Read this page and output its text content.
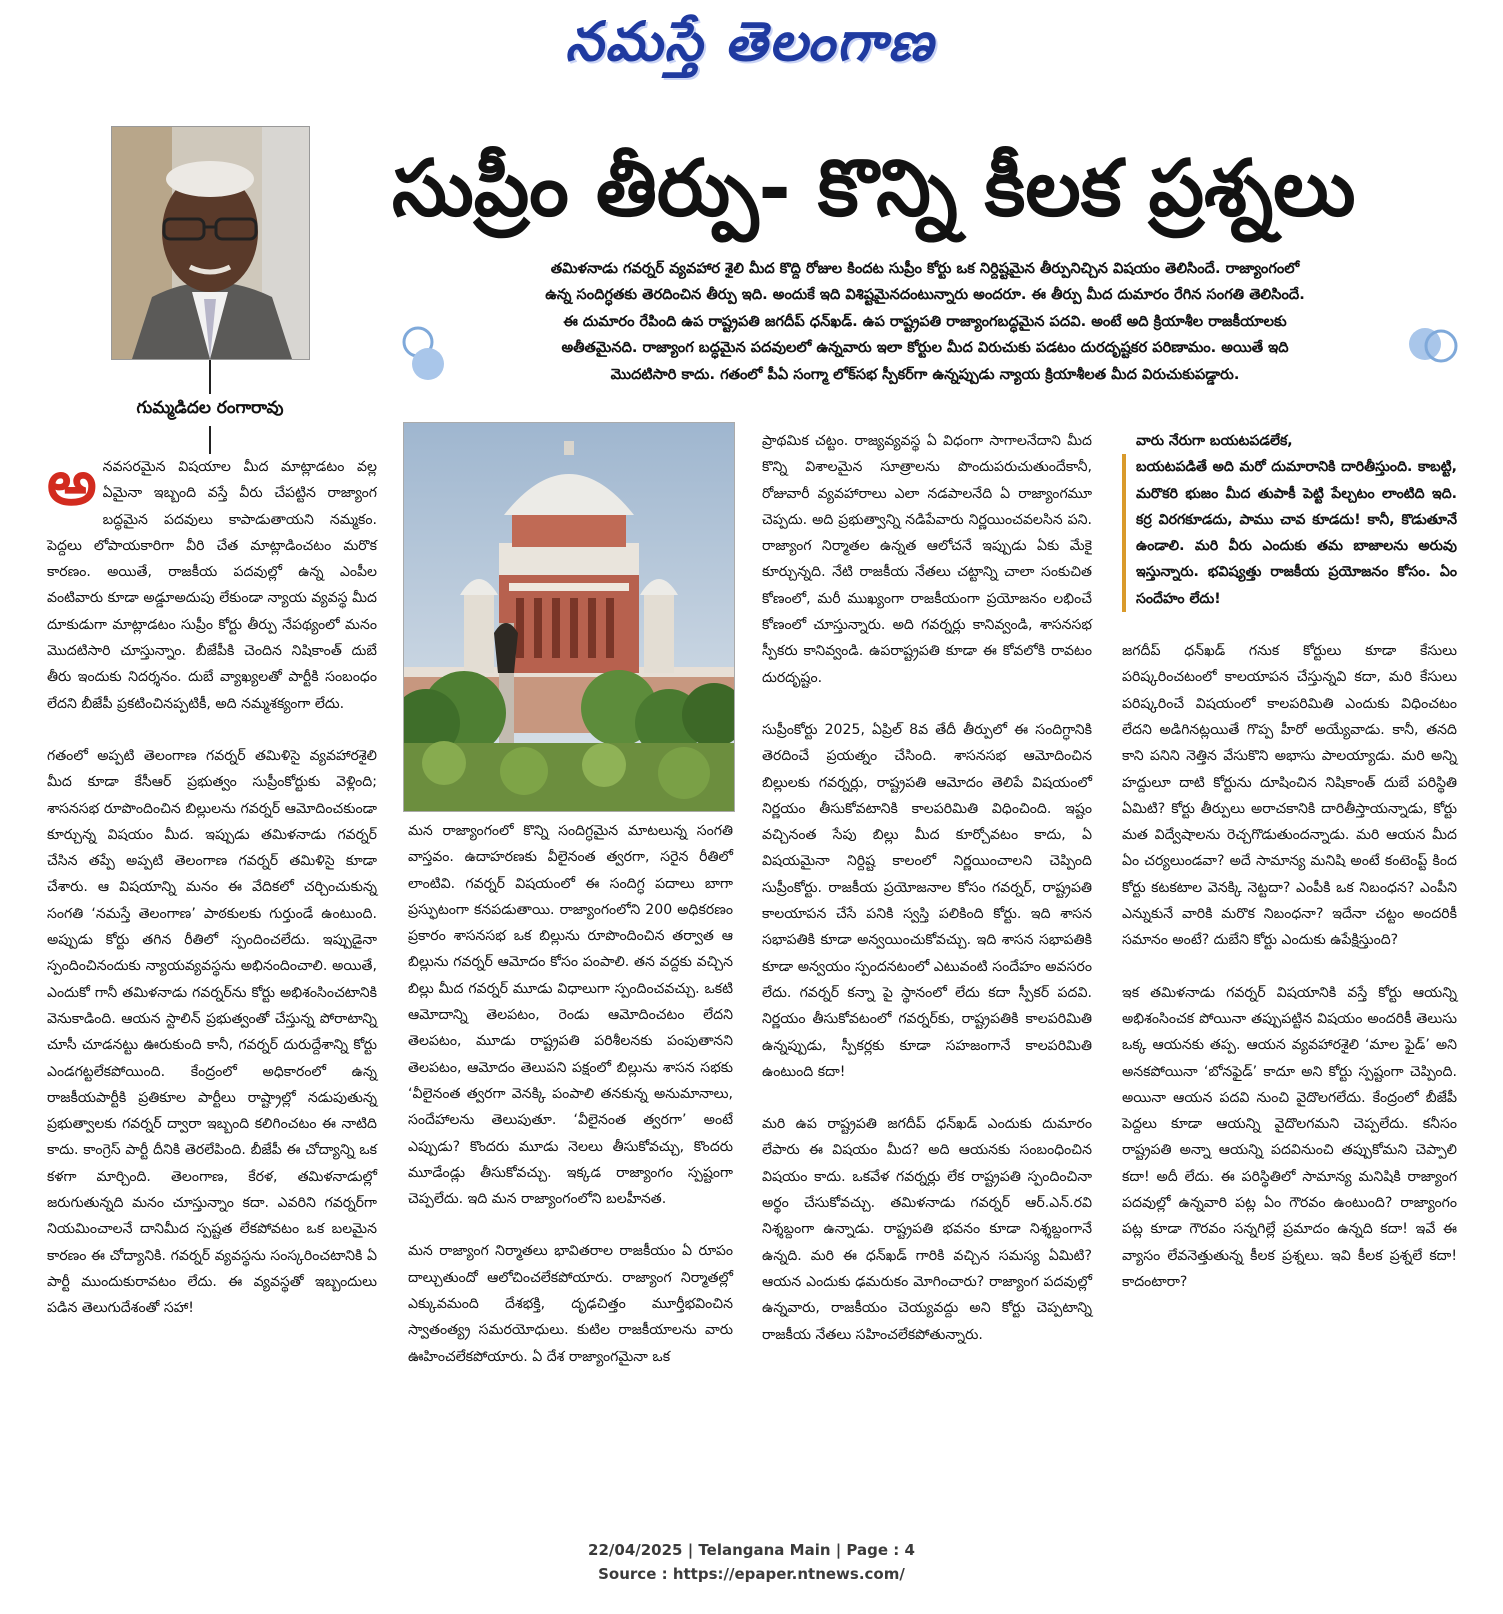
నమస్తే తెలంగాణ
గుమ్మడిదల రంగారావు
సుప్రీం తీర్పు- కొన్ని కీలక ప్రశ్నలు

తమిళనాడు గవర్నర్ వ్యవహార శైలి మీద కొద్ది రోజుల కిందట సుప్రీం కోర్టు ఒక నిర్దిష్టమైన తీర్పునిచ్చిన విషయం తెలిసిందే. రాజ్యాంగంలో

ఉన్న సందిగ్ధతకు తెరదించిన తీర్పు ఇది. అందుకే ఇది విశిష్టమైనదంటున్నారు అందరూ. ఈ తీర్పు మీద దుమారం రేగిన సంగతి తెలిసిందే.

ఈ దుమారం రేపింది ఉప రాష్ట్రపతి జగదీప్ ధన్‌ఖడ్. ఉప రాష్ట్రపతి రాజ్యాంగబద్ధమైన పదవి. అంటే అది క్రియాశీల రాజకీయాలకు

అతీతమైనది. రాజ్యాంగ బద్ధమైన పదవులలో ఉన్నవారు ఇలా కోర్టుల మీద విరుచుకు పడటం దురదృష్టకర పరిణామం. అయితే ఇది

మొదటిసారి కాదు. గతంలో పీఏ సంగ్మా లోక్‌సభ స్పీకర్‌గా ఉన్నప్పుడు న్యాయ క్రియాశీలత మీద విరుచుకుపడ్డారు.

అనవసరమైన విషయాల మీద మాట్లాడటం వల్ల ఏమైనా ఇబ్బంది వస్తే వీరు చేపట్టిన రాజ్యాంగ బద్ధమైన పదవులు కాపాడుతాయని నమ్మకం. పెద్దలు లోపాయకారిగా వీరి చేత మాట్లాడించటం మరొక కారణం. అయితే, రాజకీయ పదవుల్లో ఉన్న ఎంపీల వంటివారు కూడా అడ్డూఅదుపు లేకుండా న్యాయ వ్యవస్థ మీద దూకుడుగా మాట్లాడటం సుప్రీం కోర్టు తీర్పు నేపథ్యంలో మనం మొదటిసారి చూస్తున్నాం. బీజేపీకి చెందిన నిషికాంత్ దుబే తీరు ఇందుకు నిదర్శనం. దుబే వ్యాఖ్యలతో పార్టీకి సంబంధం లేదని బీజేపీ ప్రకటించినప్పటికీ, అది నమ్మశక్యంగా లేదు.

గతంలో అప్పటి తెలంగాణ గవర్నర్ తమిళిసై వ్యవహారశైలి మీద కూడా కేసీఆర్ ప్రభుత్వం సుప్రీంకోర్టుకు వెళ్లింది; శాసనసభ రూపొందించిన బిల్లులను గవర్నర్ ఆమోదించకుండా కూర్చున్న విషయం మీద. ఇప్పుడు తమిళనాడు గవర్నర్ చేసిన తప్పే అప్పటి తెలంగాణ గవర్నర్ తమిళిసై కూడా చేశారు. ఆ విషయాన్ని మనం ఈ వేదికలో చర్చించుకున్న సంగతి ‘నమస్తే తెలంగాణ’ పాఠకులకు గుర్తుండే ఉంటుంది. అప్పుడు కోర్టు తగిన రీతిలో స్పందించలేదు. ఇప్పుడైనా స్పందించినందుకు న్యాయవ్యవస్థను అభినందించాలి. అయితే, ఎందుకో గానీ తమిళనాడు గవర్నర్‌ను కోర్టు అభిశంసించటానికి వెనుకాడింది. ఆయన స్టాలిన్ ప్రభుత్వంతో చేస్తున్న పోరాటాన్ని చూసీ చూడనట్టు ఊరుకుంది కానీ, గవర్నర్ దురుద్దేశాన్ని కోర్టు ఎండగట్టలేకపోయింది. కేంద్రంలో అధికారంలో ఉన్న రాజకీయపార్టీకి ప్రతికూల పార్టీలు రాష్ట్రాల్లో నడుపుతున్న ప్రభుత్వాలకు గవర్నర్ ద్వారా ఇబ్బంది కలిగించటం ఈ నాటిది కాదు. కాంగ్రెస్ పార్టీ దీనికి తెరలేపింది. బీజేపీ ఈ చోద్యాన్ని ఒక కళగా మార్చింది. తెలంగాణ, కేరళ, తమిళనాడుల్లో జరుగుతున్నది మనం చూస్తున్నాం కదా. ఎవరిని గవర్నర్‌గా నియమించాలనే దానిమీద స్పష్టత లేకపోవటం ఒక బలమైన కారణం ఈ చోద్యానికి. గవర్నర్ వ్యవస్థను సంస్కరించటానికి ఏ పార్టీ ముందుకురావటం లేదు. ఈ వ్యవస్థతో ఇబ్బందులు పడిన తెలుగుదేశంతో సహా!

మన రాజ్యాంగంలో కొన్ని సందిగ్ధమైన మాటలున్న సంగతి వాస్తవం. ఉదాహరణకు వీలైనంత త్వరగా, సరైన రీతిలో లాంటివి. గవర్నర్ విషయంలో ఈ సందిగ్ధ పదాలు బాగా ప్రస్ఫుటంగా కనపడుతాయి. రాజ్యాంగంలోని 200 అధికరణం ప్రకారం శాసనసభ ఒక బిల్లును రూపొందించిన తర్వాత ఆ బిల్లును గవర్నర్ ఆమోదం కోసం పంపాలి. తన వద్దకు వచ్చిన బిల్లు మీద గవర్నర్ మూడు విధాలుగా స్పందించవచ్చు. ఒకటి ఆమోదాన్ని తెలపటం, రెండు ఆమోదించటం లేదని తెలపటం, మూడు రాష్ట్రపతి పరిశీలనకు పంపుతానని తెలపటం, ఆమోదం తెలుపని పక్షంలో బిల్లును శాసన సభకు ‘వీలైనంత త్వరగా వెనక్కి పంపాలి తనకున్న అనుమానాలు, సందేహాలను తెలుపుతూ. ‘వీలైనంత త్వరగా’ అంటే ఎప్పుడు? కొందరు మూడు నెలలు తీసుకోవచ్చు, కొందరు మూడేండ్లు తీసుకోవచ్చు. ఇక్కడ రాజ్యాంగం స్పష్టంగా చెప్పలేదు. ఇది మన రాజ్యాంగంలోని బలహీనత.

మన రాజ్యాంగ నిర్మాతలు భావితరాల రాజకీయం ఏ రూపం దాల్చుతుందో ఆలోచించలేకపోయారు. రాజ్యాంగ నిర్మాతల్లో ఎక్కువమంది దేశభక్తి, దృఢచిత్తం మూర్తీభవించిన స్వాతంత్య్ర సమరయోధులు. కుటిల రాజకీయాలను వారు ఊహించలేకపోయారు. ఏ దేశ రాజ్యాంగమైనా ఒక

ప్రాథమిక చట్టం. రాజ్యవ్యవస్థ ఏ విధంగా సాగాలనేదాని మీద కొన్ని విశాలమైన సూత్రాలను పొందుపరుచుతుందేకానీ, రోజువారీ వ్యవహారాలు ఎలా నడపాలనేది ఏ రాజ్యాంగమూ చెప్పదు. అది ప్రభుత్వాన్ని నడిపేవారు నిర్ణయించవలసిన పని. రాజ్యాంగ నిర్మాతల ఉన్నత ఆలోచనే ఇప్పుడు ఏకు మేకై కూర్చున్నది. నేటి రాజకీయ నేతలు చట్టాన్ని చాలా సంకుచిత కోణంలో, మరీ ముఖ్యంగా రాజకీయంగా ప్రయోజనం లభించే కోణంలో చూస్తున్నారు. అది గవర్నర్లు కానివ్వండి, శాసనసభ స్పీకరు కానివ్వండి. ఉపరాష్ట్రపతి కూడా ఈ కోవలోకి రావటం దురదృష్టం.

సుప్రీంకోర్టు 2025, ఏప్రిల్ 8వ తేదీ తీర్పులో ఈ సందిగ్ధానికి తెరదించే ప్రయత్నం చేసింది. శాసనసభ ఆమోదించిన బిల్లులకు గవర్నర్లు, రాష్ట్రపతి ఆమోదం తెలిపే విషయంలో నిర్ణయం తీసుకోవటానికి కాలపరిమితి విధించింది. ఇష్టం వచ్చినంత సేపు బిల్లు మీద కూర్చోవటం కాదు, ఏ విషయమైనా నిర్దిష్ట కాలంలో నిర్ణయించాలని చెప్పింది సుప్రీంకోర్టు. రాజకీయ ప్రయోజనాల కోసం గవర్నర్, రాష్ట్రపతి కాలయాపన చేసే పనికి స్వస్తి పలికింది కోర్టు. ఇది శాసన సభాపతికి కూడా అన్వయించుకోవచ్చు. ఇది శాసన సభాపతికి కూడా అన్వయం స్పందనటంలో ఎటువంటి సందేహం అవసరం లేదు. గవర్నర్ కన్నా పై స్థానంలో లేదు కదా స్పీకర్ పదవి. నిర్ణయం తీసుకోవటంలో గవర్నర్‌కు, రాష్ట్రపతికి కాలపరిమితి ఉన్నప్పుడు, స్పీకర్లకు కూడా సహజంగానే కాలపరిమితి ఉంటుంది కదా!

మరి ఉప రాష్ట్రపతి జగదీప్ ధన్‌ఖడ్ ఎందుకు దుమారం లేపారు ఈ విషయం మీద? అది ఆయనకు సంబంధించిన విషయం కాదు. ఒకవేళ గవర్నర్లు లేక రాష్ట్రపతి స్పందించినా అర్థం చేసుకోవచ్చు. తమిళనాడు గవర్నర్ ఆర్.ఎన్.రవి నిశ్శబ్దంగా ఉన్నాడు. రాష్ట్రపతి భవనం కూడా నిశ్శబ్దంగానే ఉన్నది. మరి ఈ ధన్‌ఖడ్ గారికి వచ్చిన సమస్య ఏమిటి? ఆయన ఎందుకు ఢమరుకం మోగించారు? రాజ్యాంగ పదవుల్లో ఉన్నవారు, రాజకీయం చెయ్యవద్దు అని కోర్టు చెప్పటాన్ని రాజకీయ నేతలు సహించలేకపోతున్నారు.

వారు నేరుగా బయటపడలేక,
బయటపడితే అది మరో దుమారానికి దారితీస్తుంది. కాబట్టి, మరొకరి భుజం మీద తుపాకీ పెట్టి పేల్చటం లాంటిది ఇది. కర్ర విరగకూడదు, పాము చావ కూడదు! కానీ, కొడుతూనే ఉండాలి. మరి వీరు ఎందుకు తమ బాజాలను అరువు ఇస్తున్నారు. భవిష్యత్తు రాజకీయ ప్రయోజనం కోసం. ఏం సందేహం లేదు!

జగదీప్ ధన్‌ఖడ్ గనుక కోర్టులు కూడా కేసులు పరిష్కరించటంలో కాలయాపన చేస్తున్నవి కదా, మరి కేసులు పరిష్కరించే విషయంలో కాలపరిమితి ఎందుకు విధించటం లేదని అడిగినట్లయితే గొప్ప హీరో అయ్యేవాడు. కానీ, తనది కాని పనిని నెత్తిన వేసుకొని అభాసు పాలయ్యాడు. మరి అన్ని హద్దులూ దాటి కోర్టును దూషించిన నిషికాంత్ దుబే పరిస్థితి ఏమిటి? కోర్టు తీర్పులు అరాచకానికి దారితీస్తాయన్నాడు, కోర్టు మత విద్వేషాలను రెచ్చగొడుతుందన్నాడు. మరి ఆయన మీద ఏం చర్యలుండవా? అదే సామాన్య మనిషి అంటే కంటెంప్ట్ కింద కోర్టు కటకటాల వెనక్కి నెట్టదా? ఎంపీకి ఒక నిబంధన? ఎంపీని ఎన్నుకునే వారికి మరొక నిబంధనా? ఇదేనా చట్టం అందరికీ సమానం అంటే? దుబేని కోర్టు ఎందుకు ఉపేక్షిస్తుంది?

ఇక తమిళనాడు గవర్నర్ విషయానికి వస్తే కోర్టు ఆయన్ని అభిశంసించక పోయినా తప్పుపట్టిన విషయం అందరికీ తెలుసు ఒక్క ఆయనకు తప్ప. ఆయన వ్యవహారశైలి ‘మాల ఫైడ్’ అని అనకపోయినా ‘బోనఫైడ్’ కాదూ అని కోర్టు స్పష్టంగా చెప్పింది. అయినా ఆయన పదవి నుంచి వైదొలగలేదు. కేంద్రంలో బీజేపీ పెద్దలు కూడా ఆయన్ని వైదొలగమని చెప్పలేదు. కనీసం రాష్ట్రపతి అన్నా ఆయన్ని పదవినుంచి తప్పుకోమని చెప్పాలి కదా! అదీ లేదు. ఈ పరిస్థితిలో సామాన్య మనిషికి రాజ్యాంగ పదవుల్లో ఉన్నవారి పట్ల ఏం గౌరవం ఉంటుంది? రాజ్యాంగం పట్ల కూడా గౌరవం సన్నగిల్లే ప్రమాదం ఉన్నది కదా! ఇవే ఈ వ్యాసం లేవనెత్తుతున్న కీలక ప్రశ్నలు. ఇవి కీలక ప్రశ్నలే కదా! కాదంటారా?

22/04/2025 | Telangana Main | Page : 4
Source : https://epaper.ntnews.com/
